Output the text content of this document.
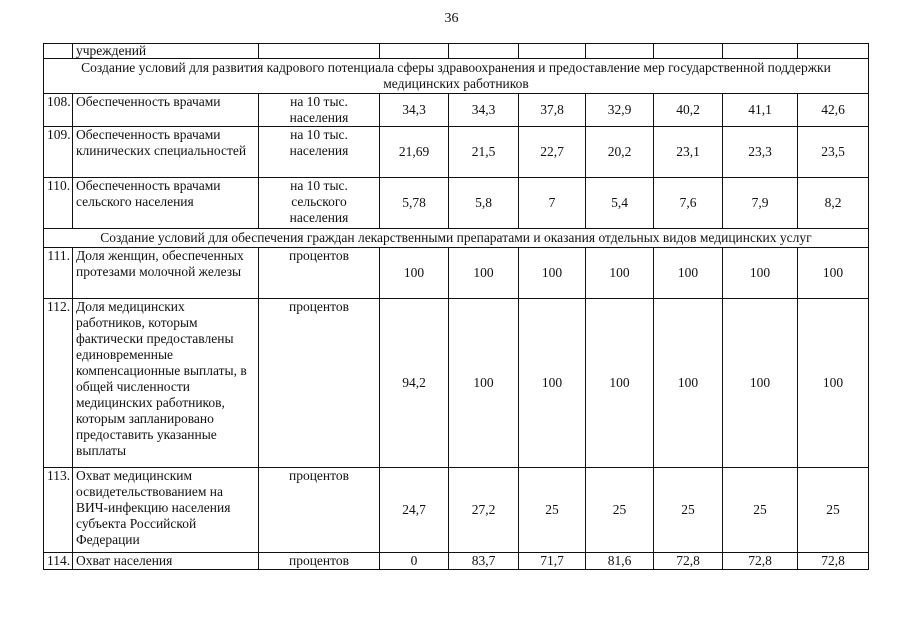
36
	учреждений								
Создание условий для развития кадрового потенциала сферы здравоохранения и предоставление мер государственной поддержки медицинских работников									
108.	Обеспеченность врачами	на 10 тыс. населения	34,3	34,3	37,8	32,9	40,2	41,1	42,6
109.	Обеспеченность врачами клинических специальностей	на 10 тыс. населения	21,69	21,5	22,7	20,2	23,1	23,3	23,5
110.	Обеспеченность врачами сельского населения	на 10 тыс. сельского населения	5,78	5,8	7	5,4	7,6	7,9	8,2
Создание условий для обеспечения граждан лекарственными препаратами и оказания отдельных видов медицинских услуг									
111.	Доля женщин, обеспеченных протезами молочной железы	процентов	100	100	100	100	100	100	100
112.	Доля медицинских работников, которым фактически предоставлены единовременные компенсационные выплаты, в общей численности медицинских работников, которым запланировано предоставить указанные выплаты	процентов	94,2	100	100	100	100	100	100
113.	Охват медицинским освидетельствованием на ВИЧ-инфекцию населения субъекта Российской Федерации	процентов	24,7	27,2	25	25	25	25	25
114.	Охват населения	процентов	0	83,7	71,7	81,6	72,8	72,8	72,8
